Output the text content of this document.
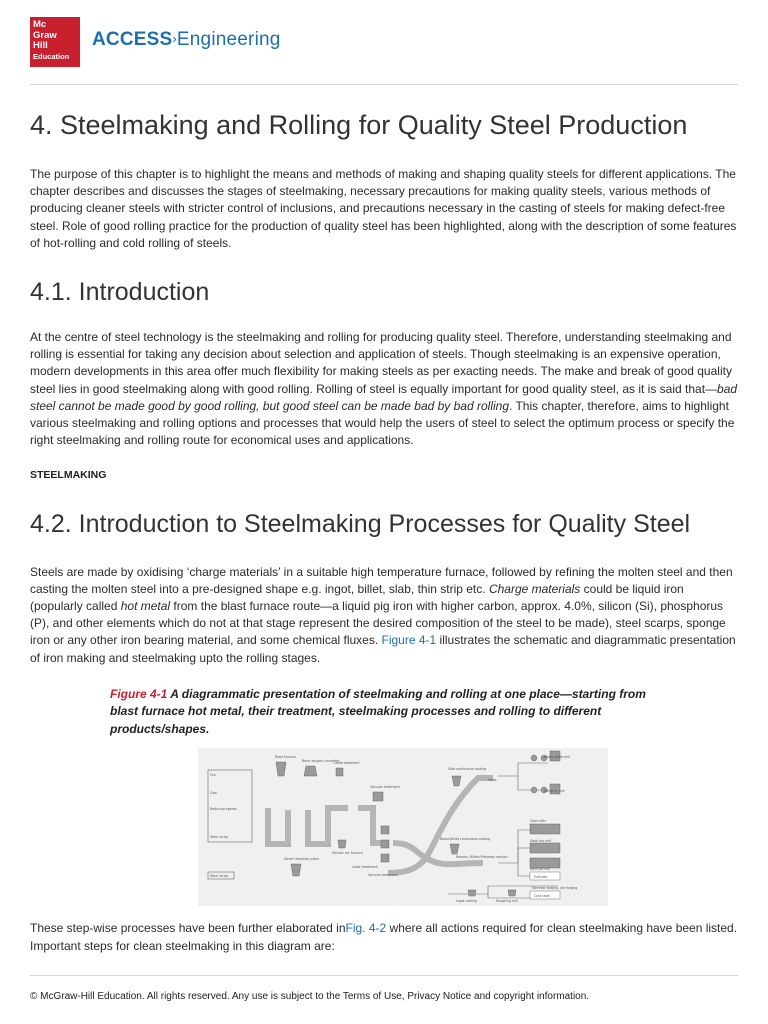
Mc
Graw
Hill
Education
ACCESS›Engineering
4. Steelmaking and Rolling for Quality Steel Production

The purpose of this chapter is to highlight the means and methods of making and shaping quality steels for different applications. The chapter describes and discusses the stages of steelmaking, necessary precautions for making quality steels, various methods of producing cleaner steels with stricter control of inclusions, and precautions necessary in the casting of steels for making defect-free steel. Role of good rolling practice for the production of quality steel has been highlighted, along with the description of some features of hot-rolling and cold rolling of steels.

4.1. Introduction

At the centre of steel technology is the steelmaking and rolling for producing quality steel. Therefore, understanding steelmaking and rolling is essential for taking any decision about selection and application of steels. Though steelmaking is an expensive operation, modern developments in this area offer much flexibility for making steels as per exacting needs. The make and break of good quality steel lies in good steelmaking along with good rolling. Rolling of steel is equally important for good quality steel, as it is said that—bad steel cannot be made good by good rolling, but good steel can be made bad by bad rolling. This chapter, therefore, aims to highlight various steelmaking and rolling options and processes that would help the users of steel to select the optimum process or specify the right steelmaking and rolling route for economical uses and applications.

STEELMAKING

4.2. Introduction to Steelmaking Processes for Quality Steel

Steels are made by oxidising ‘charge materials’ in a suitable high temperature furnace, followed by refining the molten steel and then casting the molten steel into a pre-designed shape e.g. ingot, billet, slab, thin strip etc. Charge materials could be liquid iron (popularly called hot metal from the blast furnace route—a liquid pig iron with higher carbon, approx. 4.0%, silicon (Si), phosphorus (P), and other elements which do not at that stage represent the desired composition of the steel to be made), steel scarps, sponge iron or any other iron bearing material, and some chemical fluxes. Figure 4-1 illustrates the schematic and diagrammatic presentation of iron making and steelmaking upto the rolling stages.

Figure 4-1 A diagrammatic presentation of steelmaking and rolling at one place—starting from blast furnace hot metal, their treatment, steelmaking processes and rolling to different products/shapes.
Ore
Coal
Reducing agents
Steel scrap
Steel scrap
Blast furnace
Basic oxygen converter
Ladle treatment
Vacuum treatment
Direct reduction plant
Electric arc furnace
Ladle treatment
Vacuum treatment
Slab continuous casting
Slabs
Heavy plate mill
Hot strip mill
Bloom/billet continuous casting
Blooms, Billets Pretreaty section
Tube mills
Steel bar mill
Wire rod mill
Extruder
Ingot casting	Roughing mill
Hammer forging, die forging
Cast steel

These step-wise processes have been further elaborated inFig. 4-2 where all actions required for clean steelmaking have been listed. Important steps for clean steelmaking in this diagram are:

© McGraw-Hill Education. All rights reserved. Any use is subject to the Terms of Use, Privacy Notice and copyright information.
